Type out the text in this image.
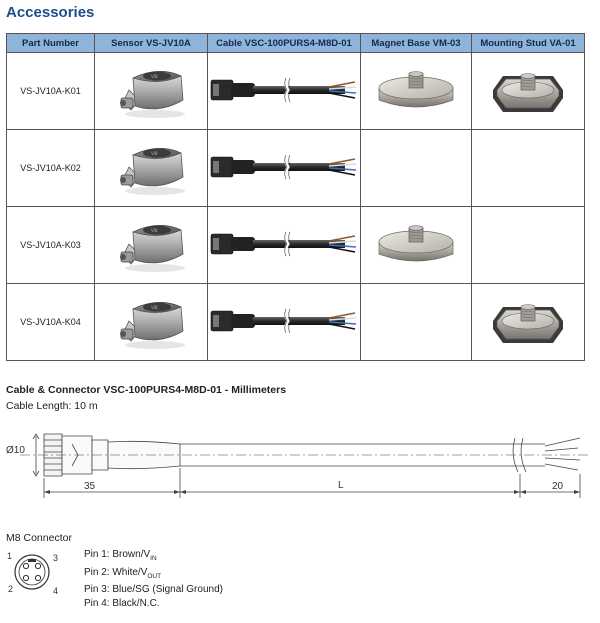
Accessories
Part Number	Sensor VS-JV10A	Cable VSC-100PURS4-M8D-01	Magnet Base VM-03	Mounting Stud VA-01
VS-JV10A-K01				
VS-JV10A-K02				
VS-JV10A-K03				
VS-JV10A-K04				
Cable & Connector VSC-100PURS4-M8D-01 - Millimeters
Cable Length: 10 m
Ø10
35	L	20
M8 Connector
1	3
2	4
Pin 1: Brown/$V_{IN}$
Pin 2: White/$V_{OUT}$
Pin 3: Blue/SG (Signal Ground)
Pin 4: Black/N.C.
